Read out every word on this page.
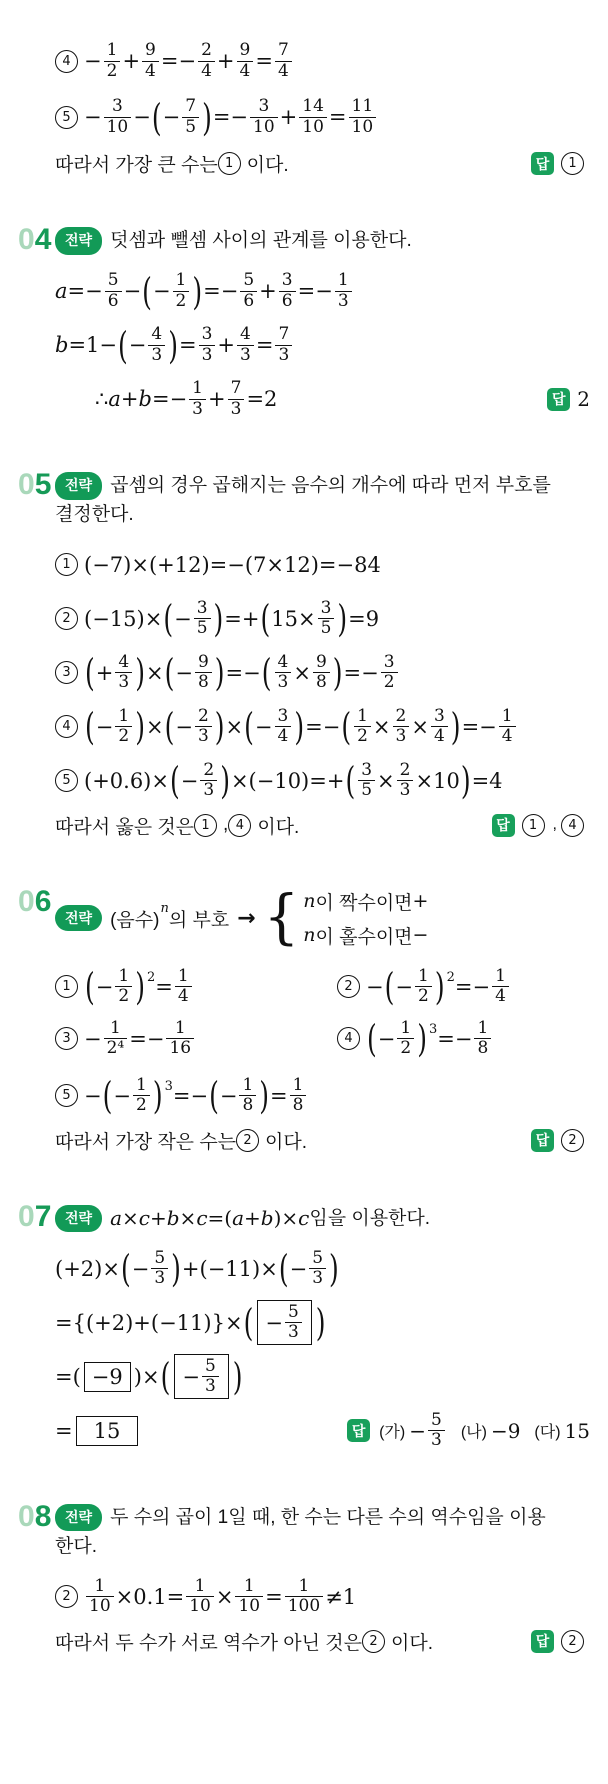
$4 - \frac{1}{2} + \frac{9}{4} =- \frac{2}{4} + \frac{9}{4} = \frac{7}{4}$
$5 - \frac{3}{10}$ − ( − $\frac{7}{5}$ ) =− $\frac{3}{10} + \frac{14}{10} = \frac{11}{10}$
따라서 가장 큰 수는 1 이다.	답	1
04 전략 덧셈과 뺄셈 사이의 관계를 이용한다.
$a =- \frac{5}{6}$ − ( − $\frac{1}{2}$ ) =− $\frac{5}{6} + \frac{3}{6} =- \frac{1}{3}$
b =1− ( − $\frac{4}{3}$ ) = $\frac{3}{3} + \frac{4}{3} = \frac{7}{3}$
∴ $a + b =- \frac{1}{3} + \frac{7}{3} =2$	답 2
05 전략 곱셈의 경우 곱해지는 음수의 개수에 따라 먼저 부호를
결정한다.
1 (−7)×(+12)=−(7×12)=−84
2 (−15)× ( − $\frac{3}{5}$ ) =+ ( $15\times \frac{3}{5}$ ) =9
3 ( + $\frac{4}{3}$ ) × ( − $\frac{9}{8}$ ) =− ( $\frac{4}{3} \times \frac{9}{8}$ ) =− $\frac{3}{2}$
4 ( − $\frac{1}{2}$ ) × ( − $\frac{2}{3}$ ) × ( − $\frac{3}{4}$ ) =− ( $\frac{1}{2} \times \frac{2}{3} \times \frac{3}{4}$ ) =− $\frac{1}{4}$
5 (+0.6)× ( − $\frac{2}{3}$ ) ×(−10)=+ ( $\frac{3}{5} \times \frac{2}{3} \times 10$ ) =4
따라서 옳은 것은 1 , 4 이다.	답	1 , 4
06
전략 (음수)
$^n$
의 부호 → { n 이 짝수이면 +
n 이 홀수이면 −
1 ( − $\frac{1}{2} )^2 = \frac{1}{4}$	2 − ( − $\frac{1}{2} )^2 =- \frac{1}{4}$
$3 - \frac{1}{\text{2⁴}} =- \frac{1}{16}$	4 ( − $\frac{1}{2} )^3 =- \frac{1}{8}$
5 − ( − $\frac{1}{2} )^3$ =− ( − $\frac{1}{8}$ ) = $\frac{1}{8}$
따라서 가장 작은 수는 2 이다.	답	2
07 전략 a × c + b × c =( a + b )× c 임을 이용한다.
(+2)× ( − $\frac{5}{3}$ ) +(−11)× ( − $\frac{5}{3}$ )
={(+2)+(−11)}× ( − $\frac{5}{3}$ )
=( −9 )× ( − $\frac{5}{3}$ )
= 15	답 (가) − $\frac{5}{3}$ (나) −9 (다) 15
08 전략 두 수의 곱이 1일 때, 한 수는 다른 수의 역수임을 이용
한다.
$2 \frac{1}{10} \times 0.1= \frac{1}{10} \times \frac{1}{10} = \frac{1}{100} \ne 1$
따라서 두 수가 서로 역수가 아닌 것은 2 이다.	답	2
